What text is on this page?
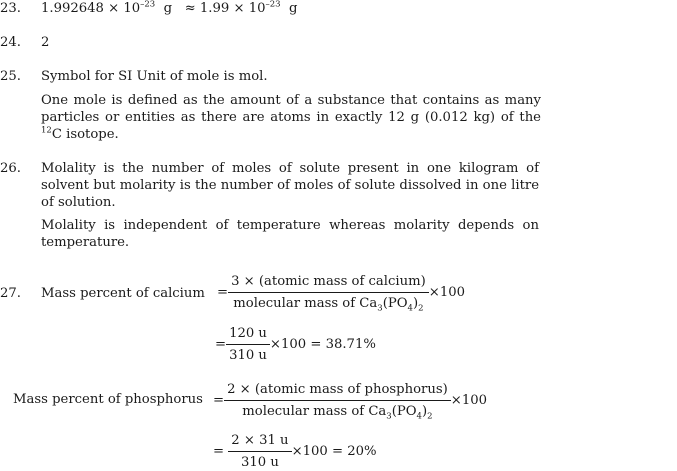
23. $1.992648 \times 10^{-23}$ $g \approx 1.99 \times 10^{-23}$ g
24. 2
25. Symbol for SI Unit of mole is mol.
One mole is defined as the amount of a substance that contains as many particles or entities as there are atoms in exactly 12 g (0.012 kg) of the $^{12}$C isotope.
26. Molality is the number of moles of solute present in one kilogram of solvent but molarity is the number of moles of solute dissolved in one litre of solution.
Molality is independent of temperature whereas molarity depends on temperature.
27. Mass percent of calcium =
3 × (atomic mass of calcium)
molecular mass of $Ca_3(PO_4)_2$
×100
= $\frac{120 u}{310 u} \times 100 = 38.71\%$
Mass percent of phosphorus =
2 × (atomic mass of phosphorus)
molecular mass of $Ca_3(PO_4)_2$
×100
=
$\frac{2 \times 31 u}{310 u} \times 100 = 20\%$
